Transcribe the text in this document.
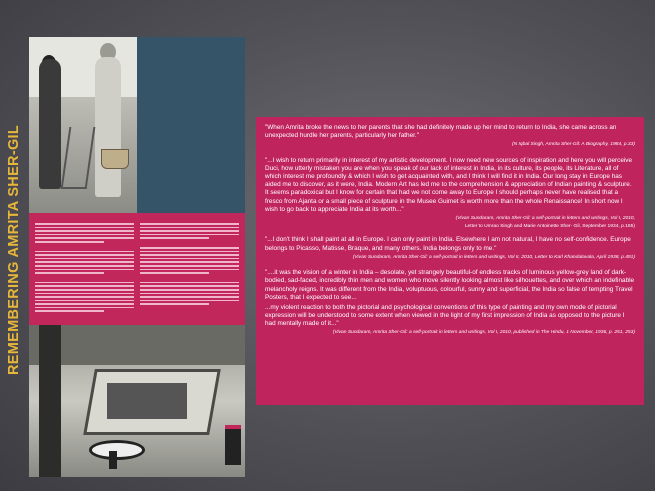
REMEMBERING AMRITA SHER-GIL	"When Amrita broke the news to her parents that she had definitely made up her mind to return to India, she came across an unexpected hurdle her parents, particularly her father."

(N Iqbal Singh, Amrita Sher-Gil: A Biography, 1984, p.33)

"...I wish to return primarily in interest of my artistic development. I now need new sources of inspiration and here you will perceive Duci, how utterly mistaken you are when you speak of our lack of interest in India, in its culture, its people, its Literature, all of which interest me profoundly & which I wish to get acquainted with, and I think I will find it in India. Our long stay in Europe has aided me to discover, as it were, India. Modern Art has led me to the comprehension & appreciation of Indian painting & sculpture. It seems paradoxical but I know for certain that had we not come away to Europe I should perhaps never have realised that a fresco from Ajanta or a small piece of sculpture in the Musee Guimet is worth more than the whole Renaissance! In short now I wish to go back to appreciate India at its worth..."

(Vivan Sundaram, Amrita Sher-Gil: a self-portrait in letters and writings, Vol I, 2010,

Letter to Umrao Singh and Marie Antoinette Sher- Gil, September 1934, p.165)

"...I don't think I shall paint at all in Europe. I can only paint in India. Elsewhere I am not natural, I have no self-confidence. Europe belongs to Picasso, Matisse, Braque, and many others. India belongs only to me."

(Vivan Sundaram, Amrita Sher-Gil: a self-portrait in letters and writings, Vol II, 2010, Letter to Karl Khandalavala, April 1938, p.491)

"....it was the vision of a winter in India – desolate, yet strangely beautiful-of endless tracks of luminous yellow-grey land of dark-bodied, sad-faced, incredibly thin men and women who move silently looking almost like silhouettes, and over which an indefinable melancholy reigns. It was different from the India, voluptuous, colourful, sunny and superficial, the India so false of tempting Travel Posters, that I expected to see...

...my violent reaction to both the pictorial and psychological conventions of this type of painting and my own mode of pictorial expression will be understood to some extent when viewed in the light of my first impression of India as opposed to the picture I had mentally made of it..."

(Vivan Sundaram, Amrita Sher-Gil: a self-portrait in letters and writings, Vol I, 2010, published in The Hindu, 1 November, 1936, p. 251, 253)
